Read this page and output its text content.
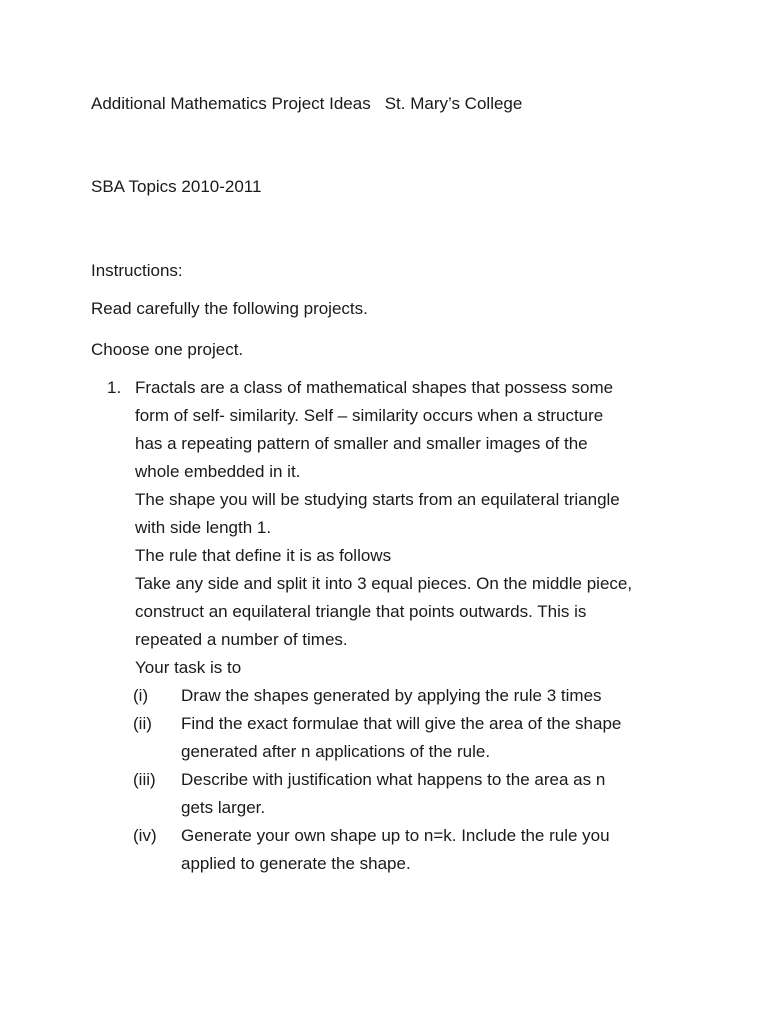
Additional Mathematics Project Ideas St. Mary’s College
SBA Topics 2010-2011
Instructions:
Read carefully the following projects.
Choose one project.
1. Fractals are a class of mathematical shapes that possess some
form of self- similarity. Self – similarity occurs when a structure
has a repeating pattern of smaller and smaller images of the
whole embedded in it.
The shape you will be studying starts from an equilateral triangle
with side length 1.
The rule that define it is as follows
Take any side and split it into 3 equal pieces. On the middle piece,
construct an equilateral triangle that points outwards. This is
repeated a number of times.
Your task is to
(i) Draw the shapes generated by applying the rule 3 times
(ii) Find the exact formulae that will give the area of the shape
generated after n applications of the rule.
(iii) Describe with justification what happens to the area as n
gets larger.
(iv) Generate your own shape up to n=k. Include the rule you
applied to generate the shape.
